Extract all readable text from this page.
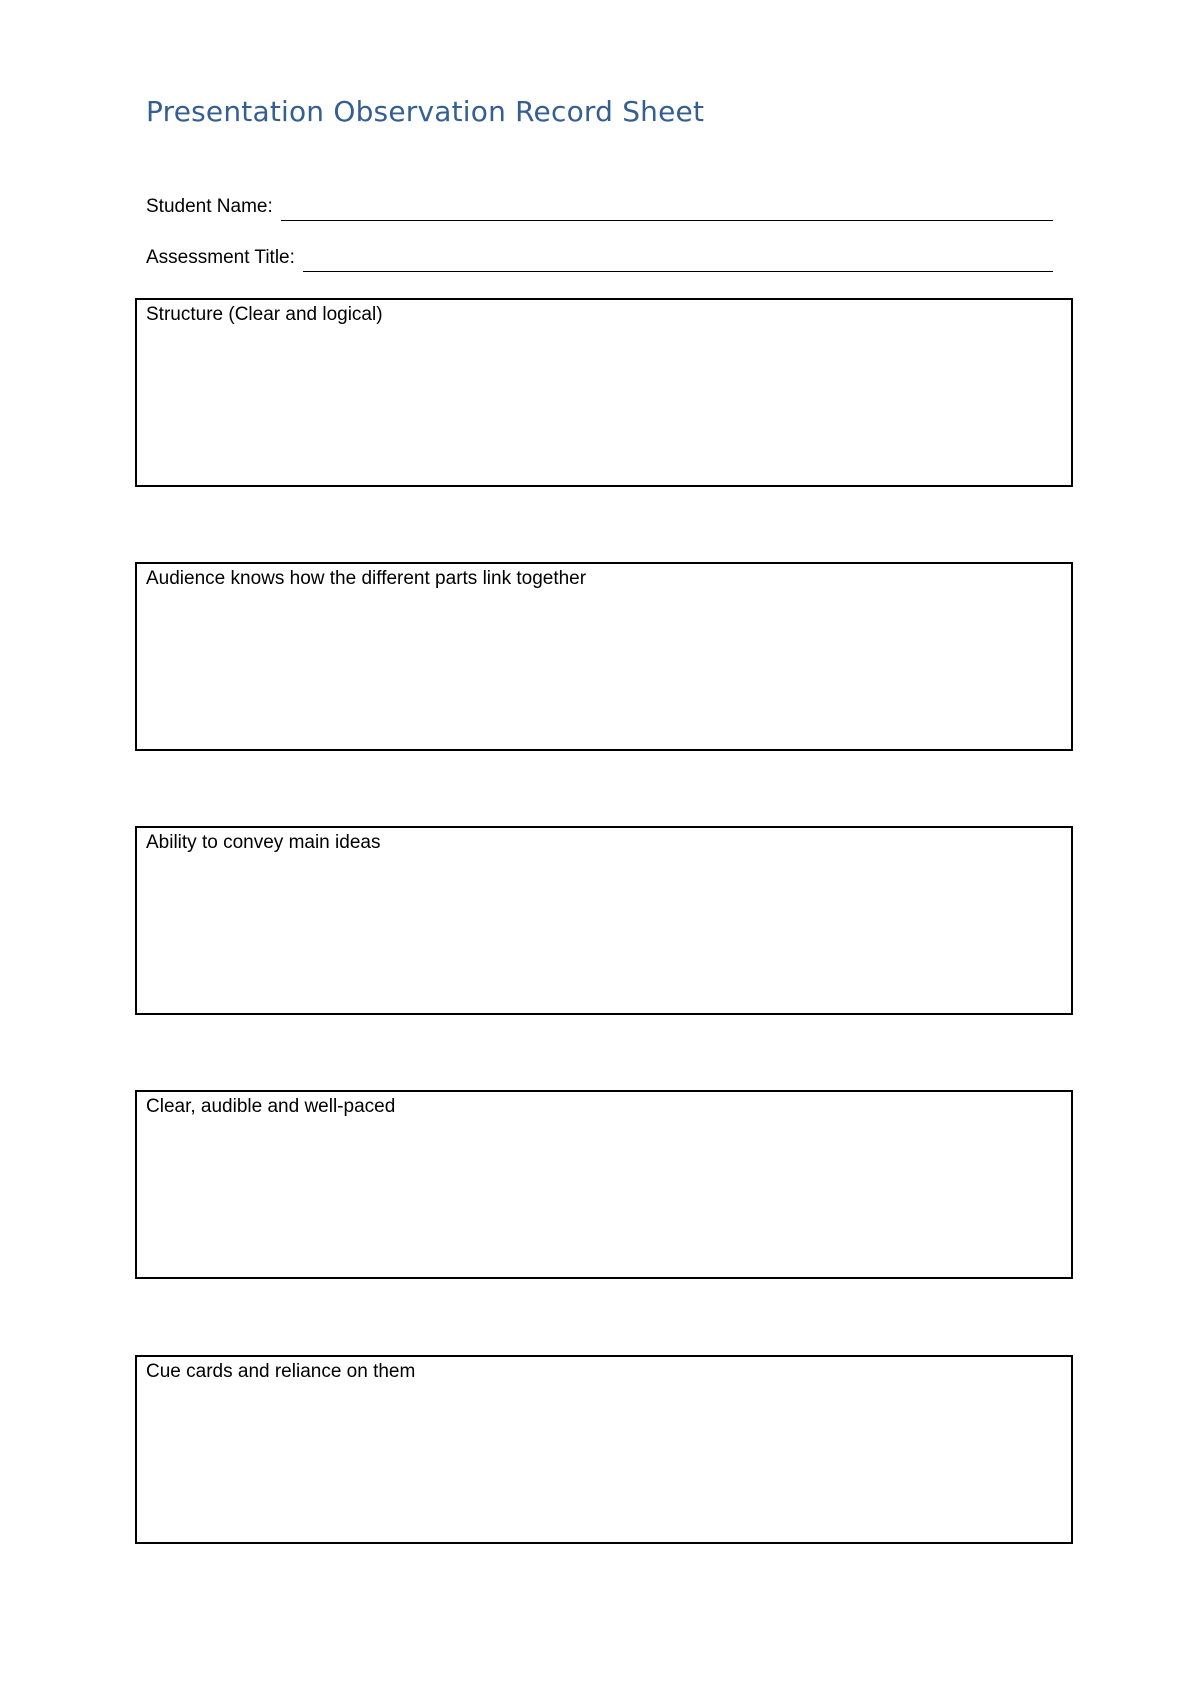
Presentation Observation Record Sheet
Student Name:
Assessment Title:
Structure (Clear and logical)
Audience knows how the different parts link together
Ability to convey main ideas
Clear, audible and well-paced
Cue cards and reliance on them
